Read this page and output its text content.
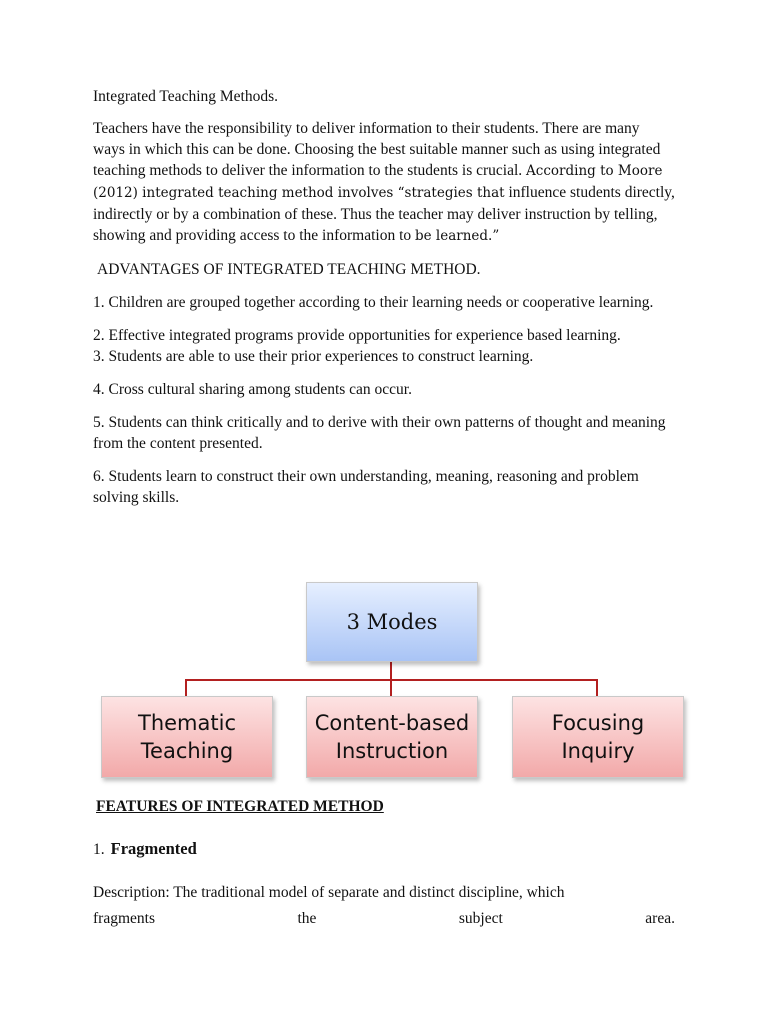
Integrated Teaching Methods.

Teachers have the responsibility to deliver information to their students. There are many ways in which this can be done. Choosing the best suitable manner such as using integrated teaching methods to deliver the information to the students is crucial. According to Moore (2012) integrated teaching method involves “strategies that influence students directly, indirectly or by a combination of these. Thus the teacher may deliver instruction by telling, showing and providing access to the information to be learned.”

ADVANTAGES OF INTEGRATED TEACHING METHOD.

1. Children are grouped together according to their learning needs or cooperative learning.

2. Effective integrated programs provide opportunities for experience based learning.
3. Students are able to use their prior experiences to construct learning.

4. Cross cultural sharing among students can occur.

5. Students can think critically and to derive with their own patterns of thought and meaning from the content presented.

6. Students learn to construct their own understanding, meaning, reasoning and problem solving skills.

3 Modes
Thematic
Teaching
Content-based
Instruction
Focusing
Inquiry
FEATURES OF INTEGRATED METHOD
1. Fragmented

Description: The traditional model of separate and distinct discipline, which

fragments	the	subject	area.
